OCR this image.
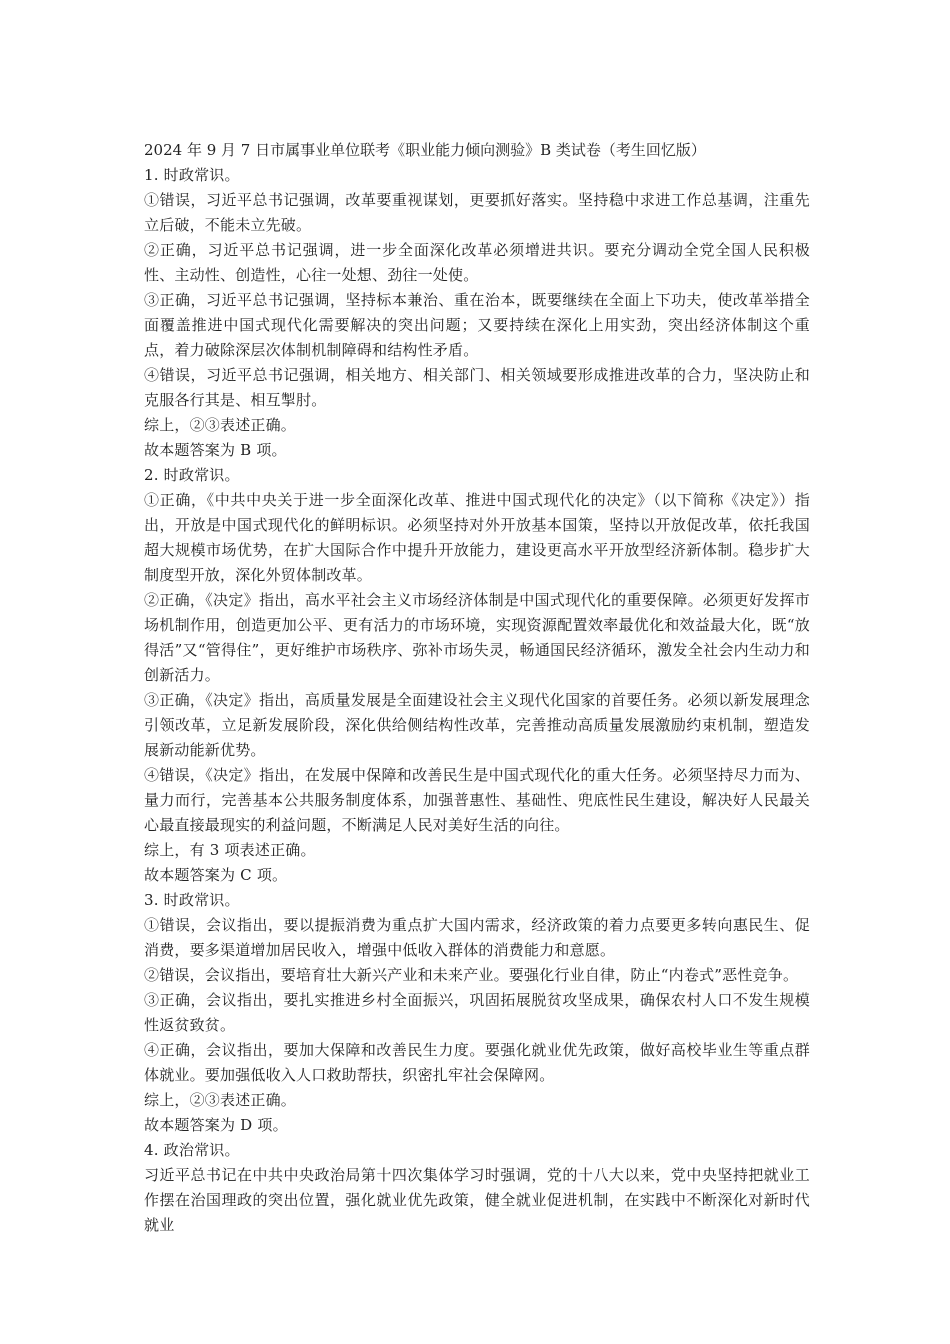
2024 年 9 月 7 日市属事业单位联考《职业能力倾向测验》B 类试卷（考生回忆版）

1. 时政常识。

①错误，习近平总书记强调，改革要重视谋划，更要抓好落实。坚持稳中求进工作总基调，注重先立后破，不能未立先破。

②正确，习近平总书记强调，进一步全面深化改革必须增进共识。要充分调动全党全国人民积极性、主动性、创造性，心往一处想、劲往一处使。

③正确，习近平总书记强调，坚持标本兼治、重在治本，既要继续在全面上下功夫，使改革举措全面覆盖推进中国式现代化需要解决的突出问题；又要持续在深化上用实劲，突出经济体制这个重点，着力破除深层次体制机制障碍和结构性矛盾。

④错误，习近平总书记强调，相关地方、相关部门、相关领域要形成推进改革的合力，坚决防止和克服各行其是、相互掣肘。

综上，②③表述正确。

故本题答案为 B 项。

2. 时政常识。

①正确，《中共中央关于进一步全面深化改革、推进中国式现代化的决定》（以下简称《决定》）指出，开放是中国式现代化的鲜明标识。必须坚持对外开放基本国策，坚持以开放促改革，依托我国超大规模市场优势，在扩大国际合作中提升开放能力，建设更高水平开放型经济新体制。稳步扩大制度型开放，深化外贸体制改革。

②正确，《决定》指出，高水平社会主义市场经济体制是中国式现代化的重要保障。必须更好发挥市场机制作用，创造更加公平、更有活力的市场环境，实现资源配置效率最优化和效益最大化，既“放得活”又“管得住”，更好维护市场秩序、弥补市场失灵，畅通国民经济循环，激发全社会内生动力和创新活力。

③正确，《决定》指出，高质量发展是全面建设社会主义现代化国家的首要任务。必须以新发展理念引领改革，立足新发展阶段，深化供给侧结构性改革，完善推动高质量发展激励约束机制，塑造发展新动能新优势。

④错误，《决定》指出，在发展中保障和改善民生是中国式现代化的重大任务。必须坚持尽力而为、量力而行，完善基本公共服务制度体系，加强普惠性、基础性、兜底性民生建设，解决好人民最关心最直接最现实的利益问题，不断满足人民对美好生活的向往。

综上，有 3 项表述正确。

故本题答案为 C 项。

3. 时政常识。

①错误，会议指出，要以提振消费为重点扩大国内需求，经济政策的着力点要更多转向惠民生、促消费，要多渠道增加居民收入，增强中低收入群体的消费能力和意愿。

②错误，会议指出，要培育壮大新兴产业和未来产业。要强化行业自律，防止“内卷式”恶性竞争。

③正确，会议指出，要扎实推进乡村全面振兴，巩固拓展脱贫攻坚成果，确保农村人口不发生规模性返贫致贫。

④正确，会议指出，要加大保障和改善民生力度。要强化就业优先政策，做好高校毕业生等重点群体就业。要加强低收入人口救助帮扶，织密扎牢社会保障网。

综上，②③表述正确。

故本题答案为 D 项。

4. 政治常识。

习近平总书记在中共中央政治局第十四次集体学习时强调，党的十八大以来，党中央坚持把就业工作摆在治国理政的突出位置，强化就业优先政策，健全就业促进机制，在实践中不断深化对新时代就业
